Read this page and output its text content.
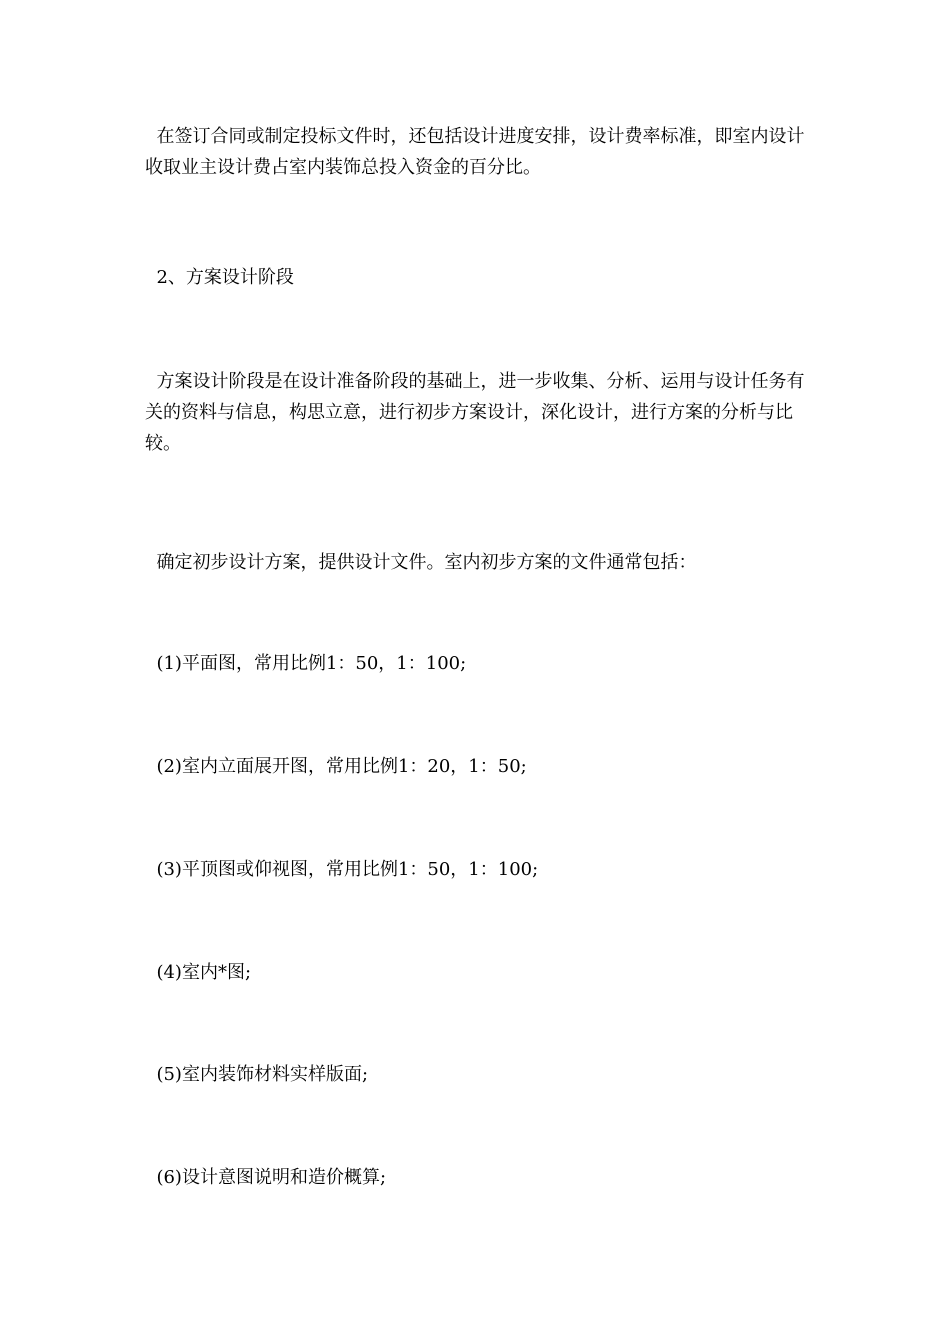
在签订合同或制定投标文件时，还包括设计进度安排，设计费率标准，即室内设计收取业主设计费占室内装饰总投入资金的百分比。

2、方案设计阶段

方案设计阶段是在设计准备阶段的基础上，进一步收集、分析、运用与设计任务有关的资料与信息，构思立意，进行初步方案设计，深化设计，进行方案的分析与比较。

确定初步设计方案，提供设计文件。室内初步方案的文件通常包括：

(1)平面图，常用比例1：50，1：100;

(2)室内立面展开图，常用比例1：20，1：50;

(3)平顶图或仰视图，常用比例1：50，1：100;

(4)室内*图;

(5)室内装饰材料实样版面;

(6)设计意图说明和造价概算;
